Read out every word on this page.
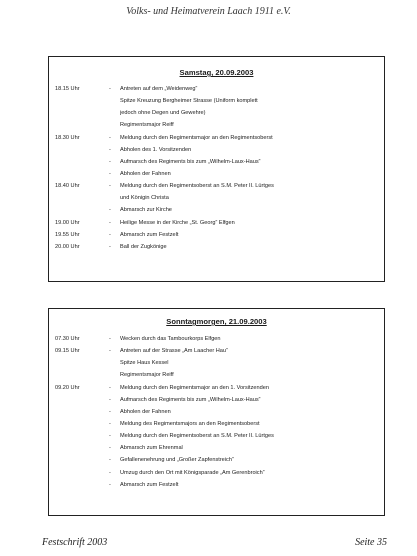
Volks- und Heimatverein Laach 1911 e.V.
Samstag, 20.09.2003
18.15 Uhr	-	Antreten auf dem „Weidenweg“
Spitze Kreuzung Bergheimer Strasse (Uniform komplett
jedoch ohne Degen und Gewehre)
Regimentsmajor Reiff
18.30 Uhr	-	Meldung durch den Regimentsmajor an den Regimentsoberst
-	Abholen des 1. Vorsitzenden
-	Aufmarsch des Regiments bis zum „Wilhelm-Laux-Haus“
-	Abholen der Fahnen
18.40 Uhr	-	Meldung durch den Regimentsoberst an S.M. Peter II. Lürtges
und Königin Christa
-	Abmarsch zur Kirche
19.00 Uhr	-	Heilige Messe in der Kirche „St. Georg“ Elfgen
19.55 Uhr	-	Abmarsch zum Festzelt
20.00 Uhr	-	Ball der Zugkönige
Sonntagmorgen, 21.09.2003
07.30 Uhr	-	Wecken durch das Tambourkorps Elfgen
09.15 Uhr	-	Antreten auf der Strasse „Am Laacher Hau“
Spitze Haus Kessel
Regimentsmajor Reiff
09.20 Uhr	-	Meldung durch den Regimentsmajor an den 1. Vorsitzenden
-	Aufmarsch des Regiments bis zum „Wilhelm-Laux-Haus“
-	Abholen der Fahnen
-	Meldung des Regimentsmajors an den Regimentsoberst
-	Meldung durch den Regimentsoberst an S.M. Peter II. Lürtges
-	Abmarsch zum Ehrenmal
-	Gefallenenehrung und „Großer Zapfenstreich“
-	Umzug durch den Ort mit Königsparade „Am Gerenbroich“
-	Abmarsch zum Festzelt
Festschrift 2003	Seite 35
